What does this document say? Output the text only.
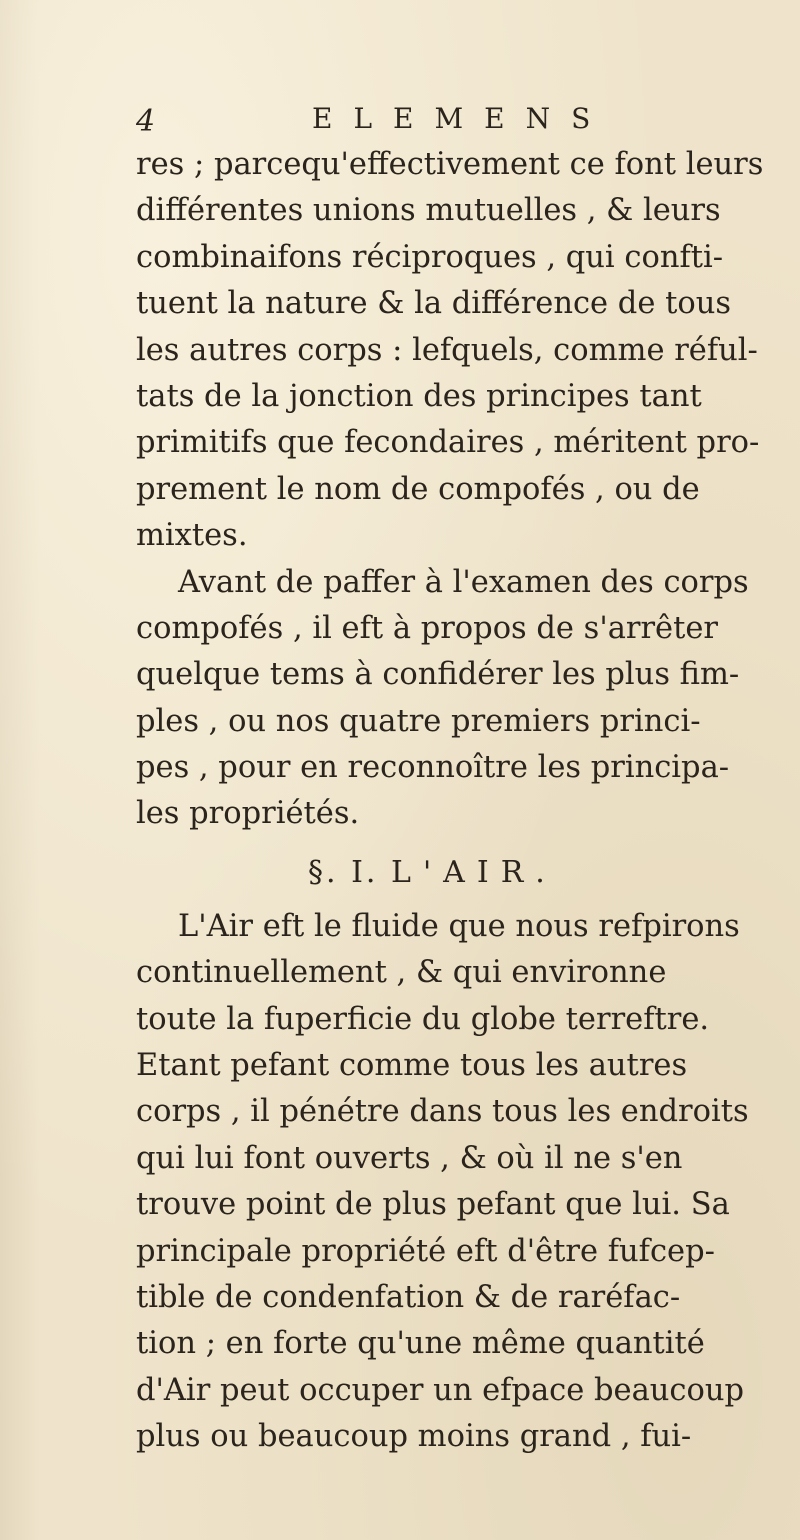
4	ELEMENS
res ; parcequ'effectivement ce font leurs
différentes unions mutuelles , & leurs
combinaifons réciproques , qui confti-
tuent la nature & la différence de tous
les autres corps : lefquels, comme réful-
tats de la jonction des principes tant
primitifs que fecondaires , méritent pro-
prement le nom de compofés , ou de
mixtes.
Avant de paffer à l'examen des corps
compofés , il eft à propos de s'arrêter
quelque tems à confidérer les plus fim-
ples , ou nos quatre premiers princi-
pes , pour en reconnoître les principa-
les propriétés.
§. I. L'AIR.
L'Air eft le fluide que nous refpirons
continuellement , & qui environne
toute la fuperficie du globe terreftre.
Etant pefant comme tous les autres
corps , il pénétre dans tous les endroits
qui lui font ouverts , & où il ne s'en
trouve point de plus pefant que lui. Sa
principale propriété eft d'être fufcep-
tible de condenfation & de raréfac-
tion ; en forte qu'une même quantité
d'Air peut occuper un efpace beaucoup
plus ou beaucoup moins grand , fui-
